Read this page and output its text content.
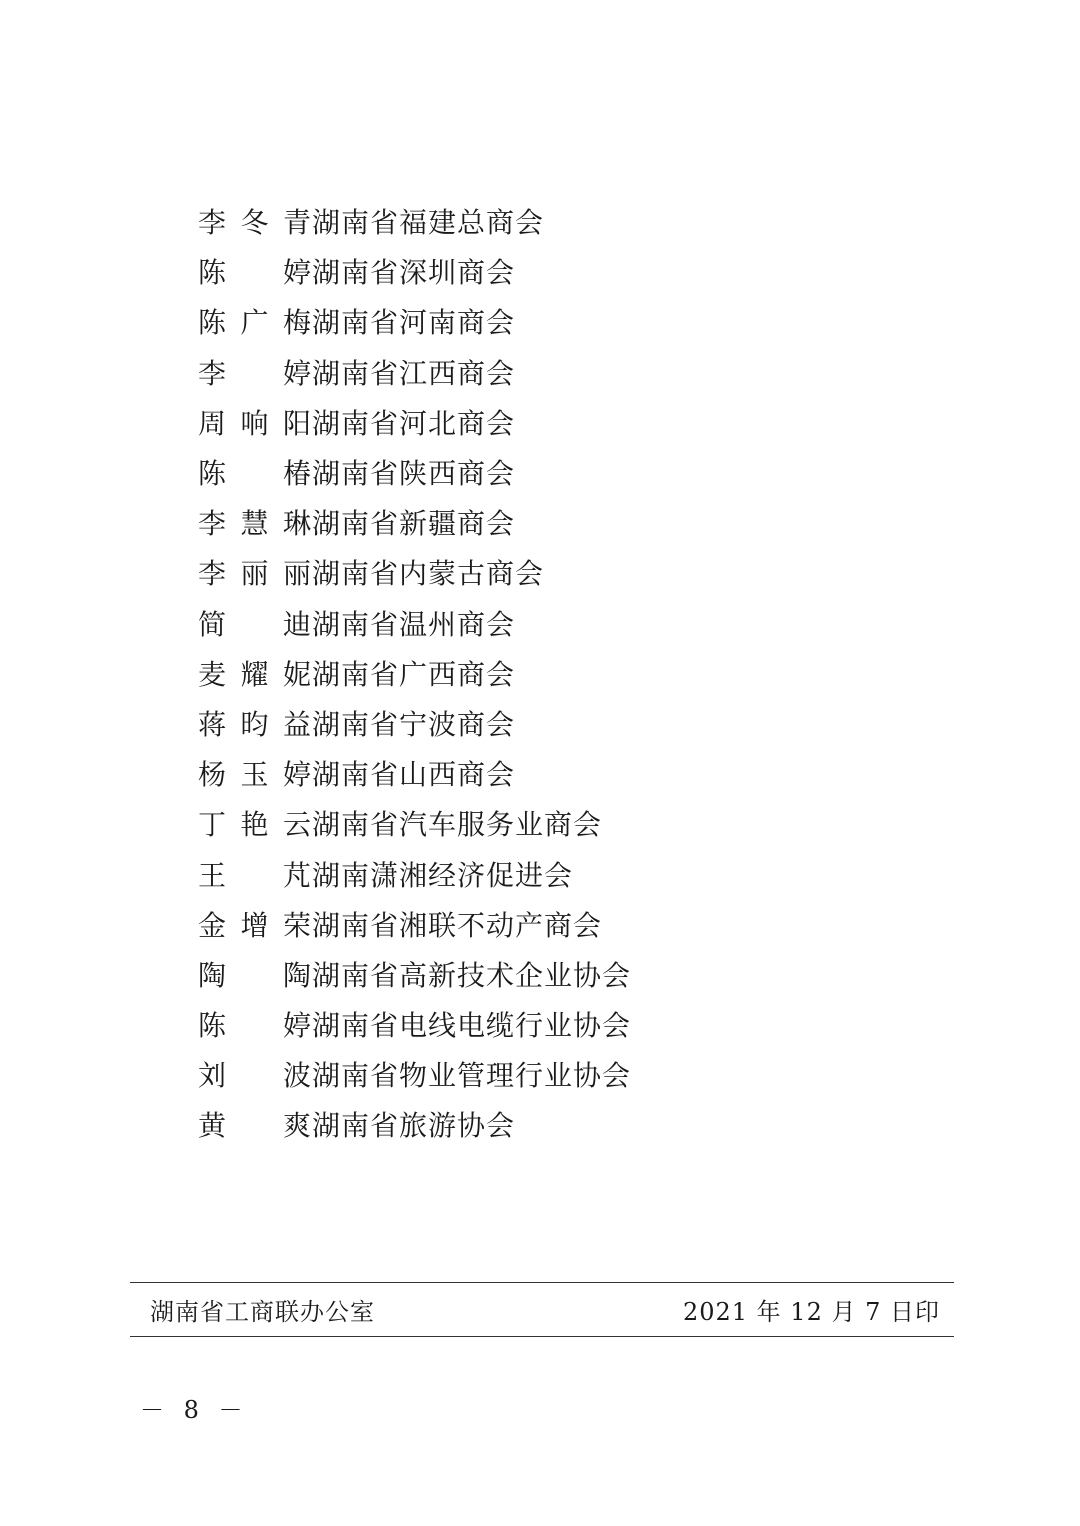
李冬青 湖南省福建总商会
陈婷 湖南省深圳商会
陈广梅 湖南省河南商会
李婷 湖南省江西商会
周响阳 湖南省河北商会
陈椿 湖南省陕西商会
李慧琳 湖南省新疆商会
李丽丽 湖南省内蒙古商会
简迪 湖南省温州商会
麦耀妮 湖南省广西商会
蒋昀益 湖南省宁波商会
杨玉婷 湖南省山西商会
丁艳云 湖南省汽车服务业商会
王芃 湖南潇湘经济促进会
金增荣 湖南省湘联不动产商会
陶陶 湖南省高新技术企业协会
陈婷 湖南省电线电缆行业协会
刘波 湖南省物业管理行业协会
黄爽 湖南省旅游协会
湖南省工商联办公室	2021 年 12 月 7 日印
－ 8 －
